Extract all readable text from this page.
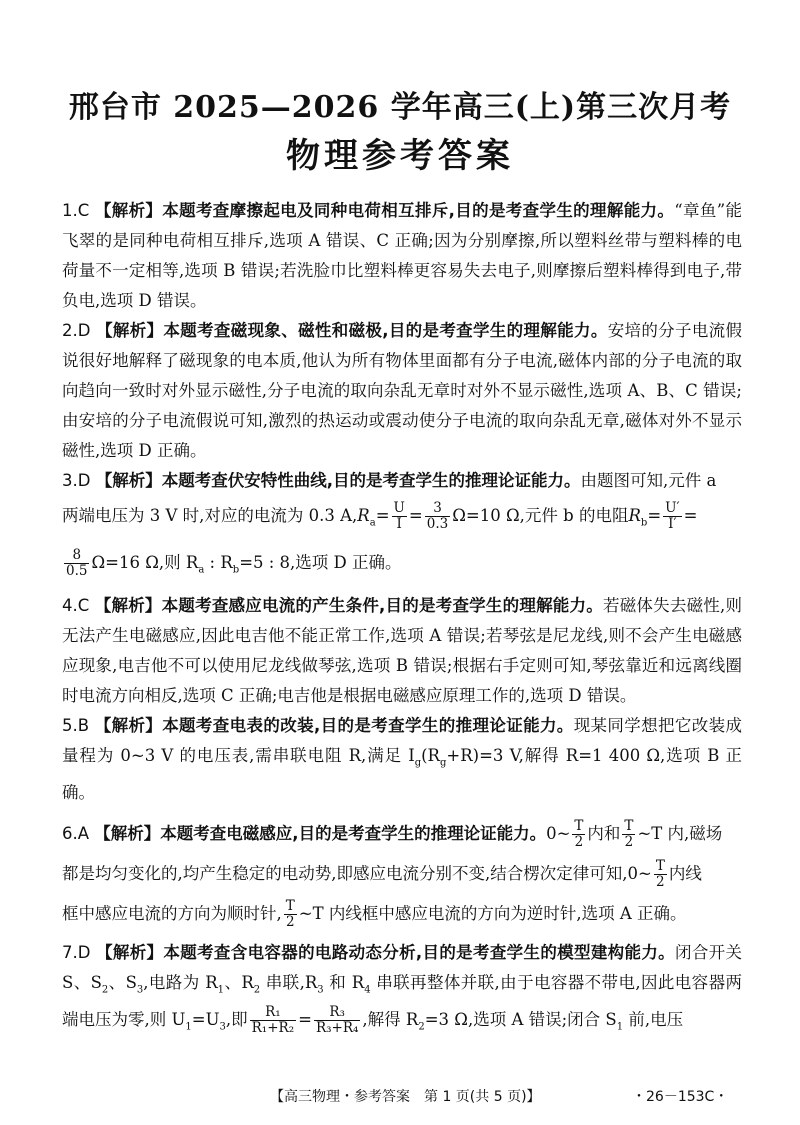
邢台市 2025—2026 学年高三(上)第三次月考
物理参考答案
1.C 【解析】本题考查摩擦起电及同种电荷相互排斥,目的是考查学生的理解能力。“章鱼”能飞翠的是同种电荷相互排斥,选项 A 错误、C 正确;因为分别摩擦,所以塑料丝带与塑料棒的电荷量不一定相等,选项 B 错误;若洗脸巾比塑料棒更容易失去电子,则摩擦后塑料棒得到电子,带负电,选项 D 错误。
2.D 【解析】本题考查磁现象、磁性和磁极,目的是考查学生的理解能力。安培的分子电流假说很好地解释了磁现象的电本质,他认为所有物体里面都有分子电流,磁体内部的分子电流的取向趋向一致时对外显示磁性,分子电流的取向杂乱无章时对外不显示磁性,选项 A、B、C 错误;由安培的分子电流假说可知,激烈的热运动或震动使分子电流的取向杂乱无章,磁体对外不显示磁性,选项 D 正确。
3.D 【解析】本题考查伏安特性曲线,目的是考查学生的推理论证能力。由题图可知,元件 a
两端电压为 3 V 时,对应的电流为 0.3 $A,R_a= \frac{U}{I} = \frac{3}{0.3} \Omega=10$ Ω,元件 b 的电阻$R_b= \frac{U'}{I'}$ =
$\frac{8}{0.5} \Omega=16$ Ω,则 $R_a$ : $R_b=5$ : 8,选项 D 正确。
4.C 【解析】本题考查感应电流的产生条件,目的是考查学生的理解能力。若磁体失去磁性,则无法产生电磁感应,因此电吉他不能正常工作,选项 A 错误;若琴弦是尼龙线,则不会产生电磁感应现象,电吉他不可以使用尼龙线做琴弦,选项 B 错误;根据右手定则可知,琴弦靠近和远离线圈时电流方向相反,选项 C 正确;电吉他是根据电磁感应原理工作的,选项 D 错误。
5.B 【解析】本题考查电表的改装,目的是考查学生的推理论证能力。现某同学想把它改装成量程为 0~3 V 的电压表,需串联电阻 R,满足 $I_g(R_g+R)=3$ V,解得 R=1 400 Ω,选项 B 正确。
6.A 【解析】本题考查电磁感应,目的是考查学生的推理论证能力。0~ $\frac{T}{2}$ 内和 $\frac{T}{2}$ ~T 内,磁场
都是均匀变化的,均产生稳定的电动势,即感应电流分别不变,结合楞次定律可知,0~ $\frac{T}{2}$ 内线
框中感应电流的方向为顺时针, $\frac{T}{2}$ ~T 内线框中感应电流的方向为逆时针,选项 A 正确。
7.D 【解析】本题考查含电容器的电路动态分析,目的是考查学生的模型建构能力。闭合开关 S、$S_2$、$S_3$,电路为 $R_1$、$R_2$ 串联$,R_3$ 和 $R_4$ 串联再整体并联,由于电容器不带电,因此电容器两端电压为零,则 $U_1=U_3$,即 $\frac{\text{R₁}}{\text{R₁+R₂}} = \frac{\text{R₃}}{\text{R₃+R₄}}$ ,解得 $R_2=3$ Ω,选项 A 错误;闭合 $S_1$ 前,电压
【高三物理・参考答案　第 1 页(共 5 页)】	・26－153C・
